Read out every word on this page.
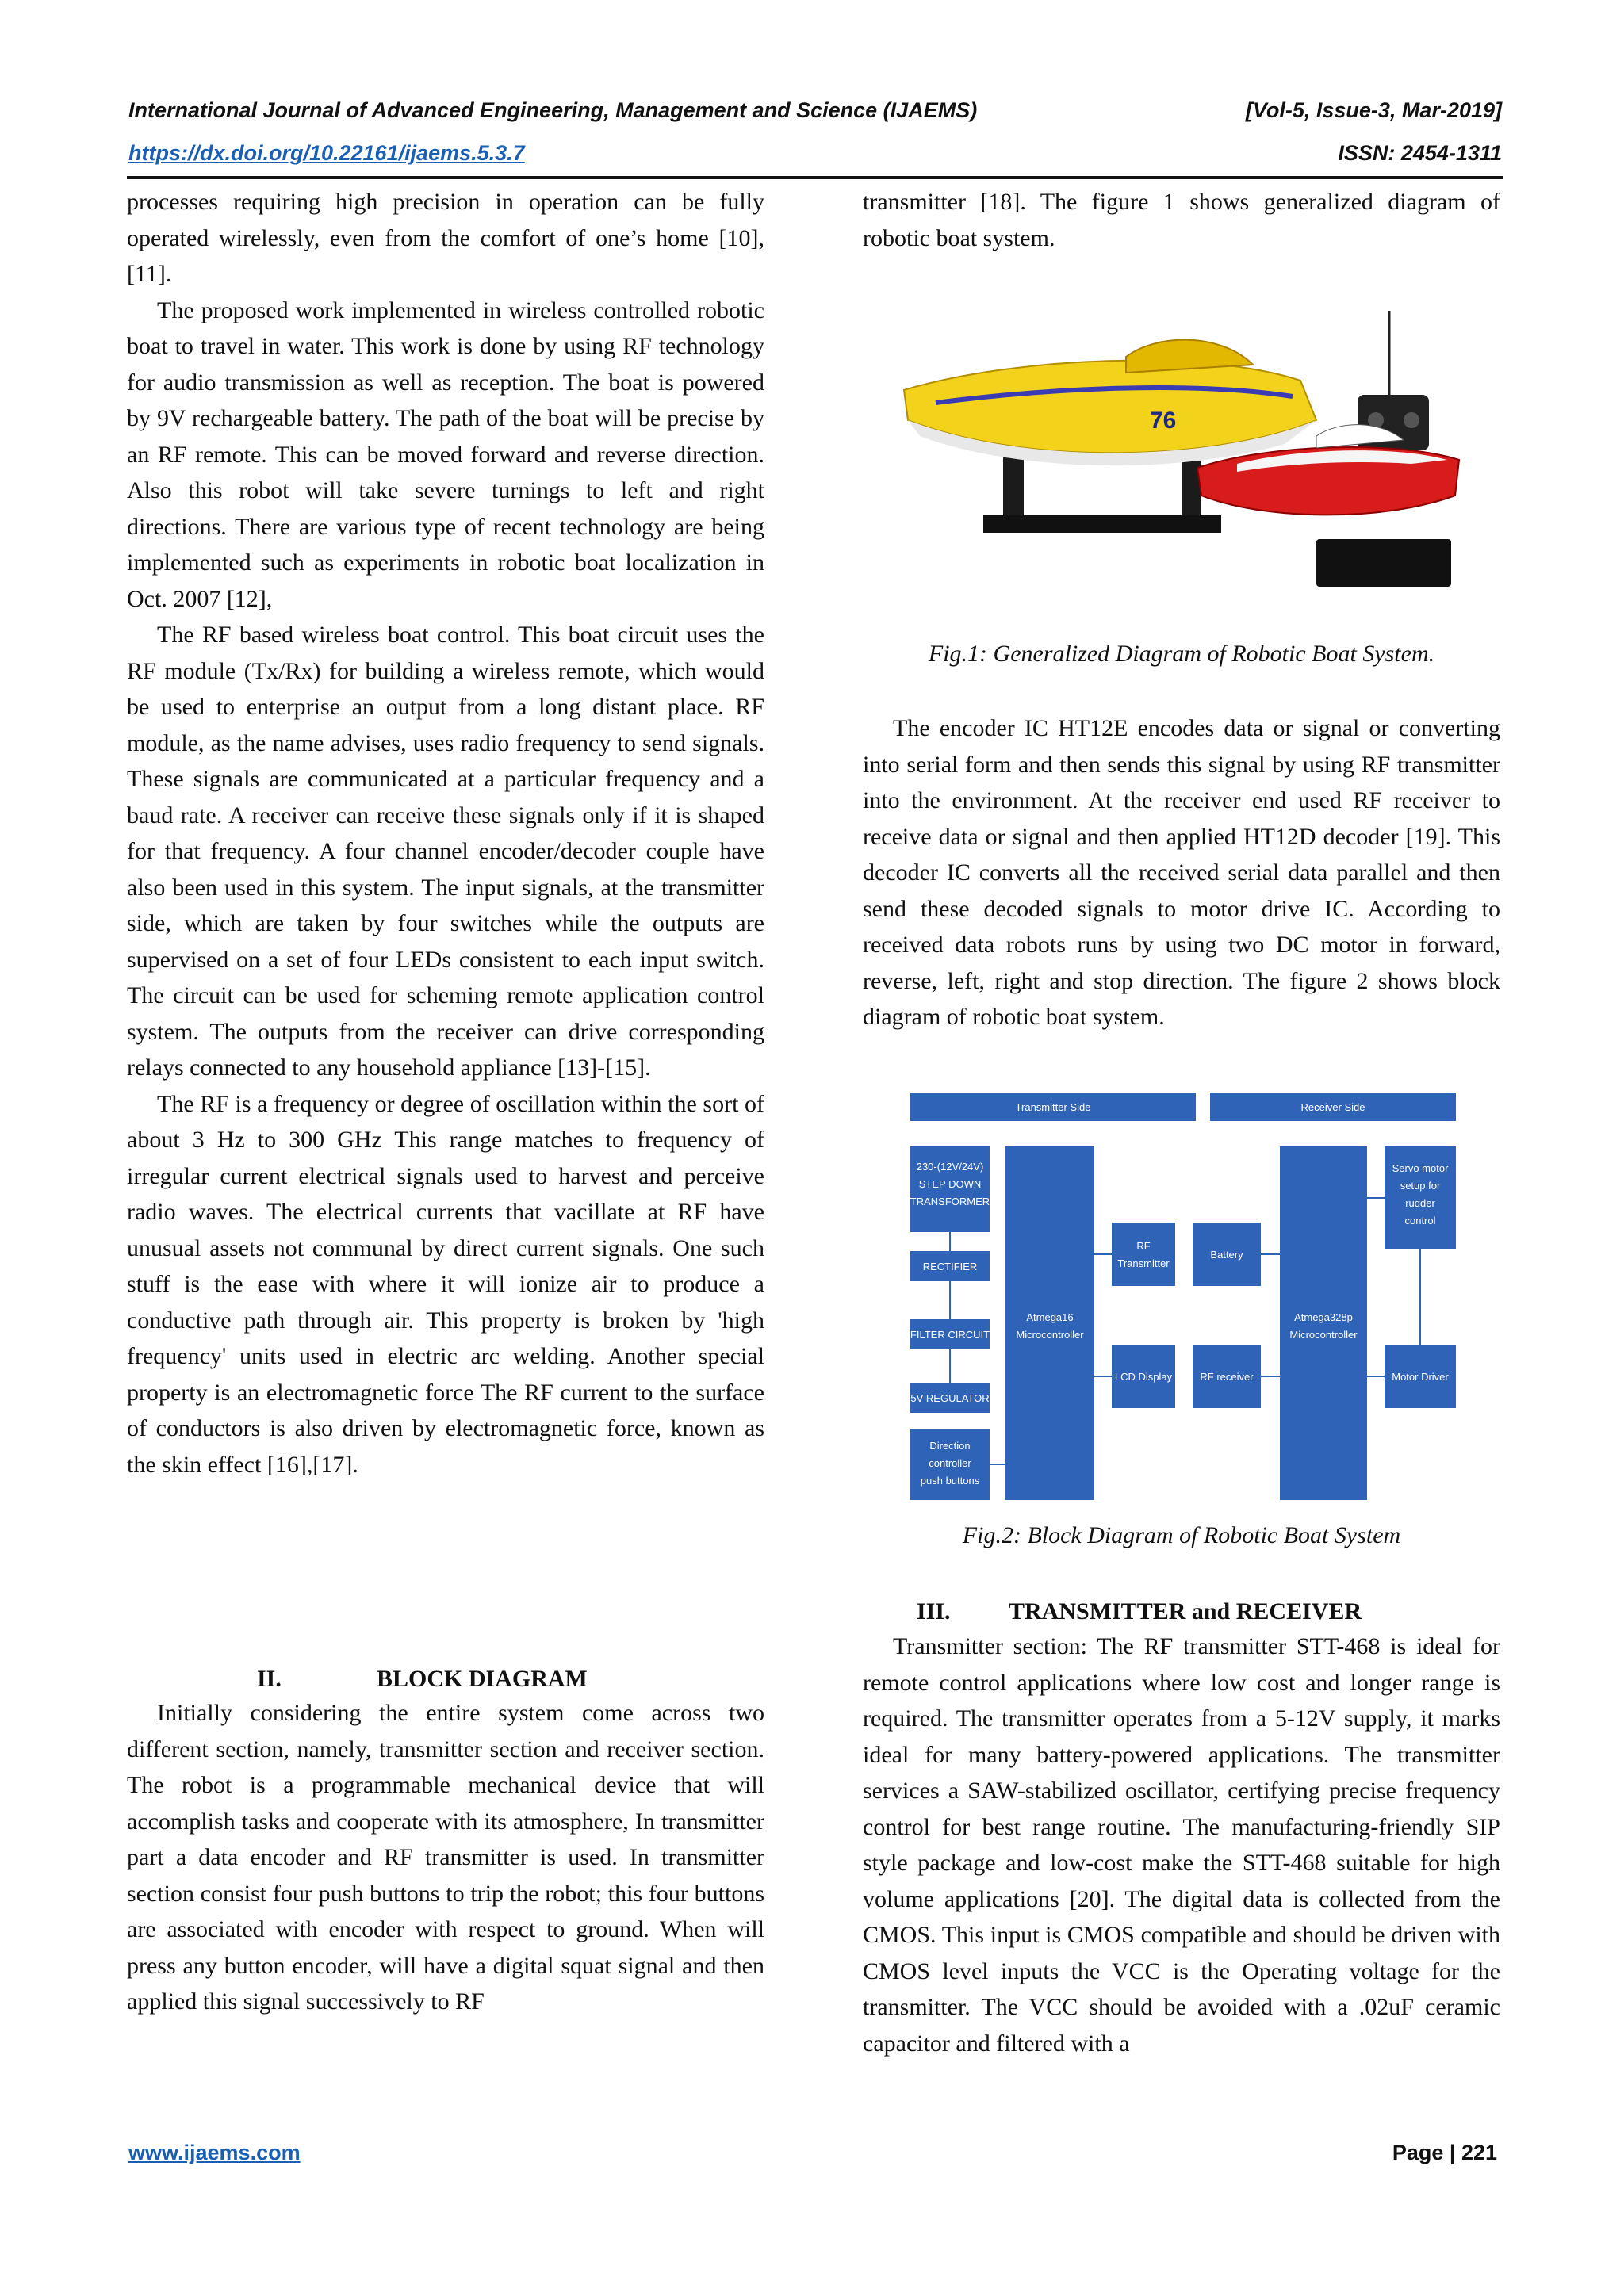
International Journal of Advanced Engineering, Management and Science (IJAEMS)	[Vol-5, Issue-3, Mar-2019]
https://dx.doi.org/10.22161/ijaems.5.3.7	ISSN: 2454-1311

processes requiring high precision in operation can be fully operated wirelessly, even from the comfort of one’s home [10],[11].

The proposed work implemented in wireless controlled robotic boat to travel in water. This work is done by using RF technology for audio transmission as well as reception. The boat is powered by 9V rechargeable battery. The path of the boat will be precise by an RF remote. This can be moved forward and reverse direction. Also this robot will take severe turnings to left and right directions. There are various type of recent technology are being implemented such as experiments in robotic boat localization in Oct. 2007 [12],

The RF based wireless boat control. This boat circuit uses the RF module (Tx/Rx) for building a wireless remote, which would be used to enterprise an output from a long distant place. RF module, as the name advises, uses radio frequency to send signals. These signals are communicated at a particular frequency and a baud rate. A receiver can receive these signals only if it is shaped for that frequency. A four channel encoder/decoder couple have also been used in this system. The input signals, at the transmitter side, which are taken by four switches while the outputs are supervised on a set of four LEDs consistent to each input switch. The circuit can be used for scheming remote application control system. The outputs from the receiver can drive corresponding relays connected to any household appliance [13]-[15].

The RF is a frequency or degree of oscillation within the sort of about 3 Hz to 300 GHz This range matches to frequency of irregular current electrical signals used to harvest and perceive radio waves. The electrical currents that vacillate at RF have unusual assets not communal by direct current signals. One such stuff is the ease with where it will ionize air to produce a conductive path through air. This property is broken by 'high frequency' units used in electric arc welding. Another special property is an electromagnetic force The RF current to the surface of conductors is also driven by electromagnetic force, known as the skin effect [16],[17].

II.	BLOCK DIAGRAM

Initially considering the entire system come across two different section, namely, transmitter section and receiver section. The robot is a programmable mechanical device that will accomplish tasks and cooperate with its atmosphere, In transmitter part a data encoder and RF transmitter is used. In transmitter section consist four push buttons to trip the robot; this four buttons are associated with encoder with respect to ground. When will press any button encoder, will have a digital squat signal and then applied this signal successively to RF

transmitter [18]. The figure 1 shows generalized diagram of robotic boat system.

76
Fig.1: Generalized Diagram of Robotic Boat System.

The encoder IC HT12E encodes data or signal or converting into serial form and then sends this signal by using RF transmitter into the environment. At the receiver end used RF receiver to receive data or signal and then applied HT12D decoder [19]. This decoder IC converts all the received serial data parallel and then send these decoded signals to motor drive IC. According to received data robots runs by using two DC motor in forward, reverse, left, right and stop direction. The figure 2 shows block diagram of robotic boat system.

Transmitter Side	Receiver Side
230-(12V/24V)
STEP DOWN
TRANSFORMER
RECTIFIER
FILTER CIRCUIT
5V REGULATOR
Direction
controller
push buttons
Atmega16
Microcontroller
RF
Transmitter
LCD Display
Battery
RF receiver
Atmega328p
Microcontroller
Servo motor
setup for
rudder
control
Motor Driver
Fig.2: Block Diagram of Robotic Boat System
III. TRANSMITTER and RECEIVER

Transmitter section: The RF transmitter STT-468 is ideal for remote control applications where low cost and longer range is required. The transmitter operates from a 5-12V supply, it marks ideal for many battery-powered applications. The transmitter services a SAW-stabilized oscillator, certifying precise frequency control for best range routine. The manufacturing-friendly SIP style package and low-cost make the STT-468 suitable for high volume applications [20]. The digital data is collected from the CMOS. This input is CMOS compatible and should be driven with CMOS level inputs the VCC is the Operating voltage for the transmitter. The VCC should be avoided with a .02uF ceramic capacitor and filtered with a

www.ijaems.com	Page | 221
